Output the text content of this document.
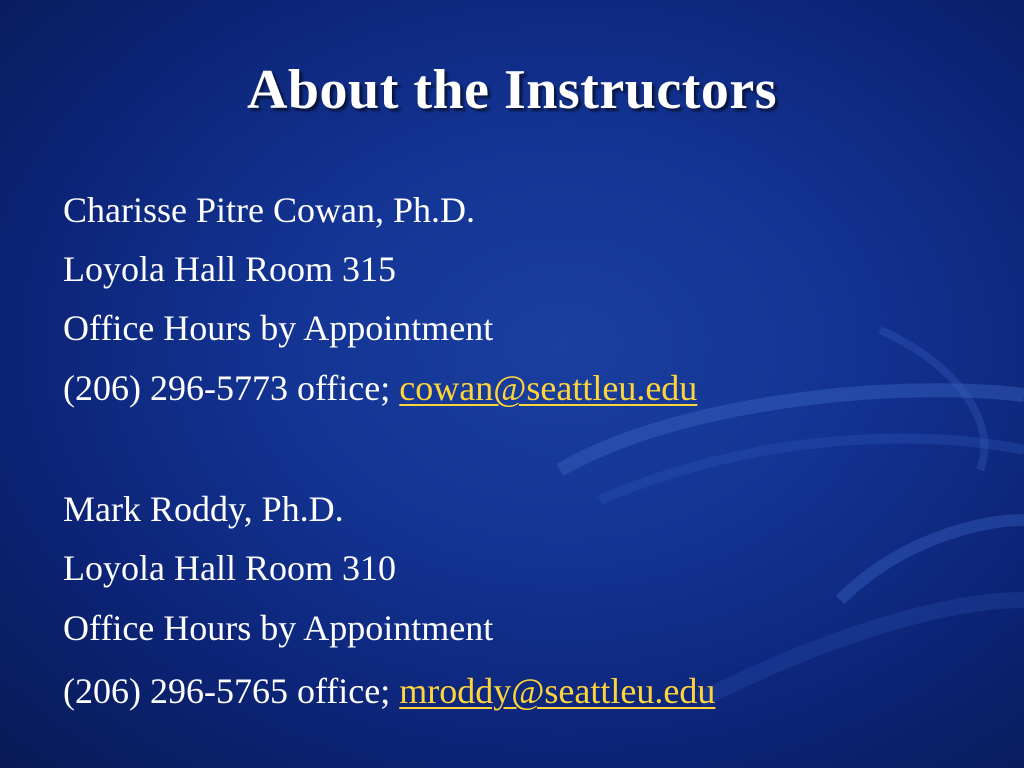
About the Instructors
Charisse Pitre Cowan, Ph.D.
Loyola Hall Room 315
Office Hours by Appointment
(206) 296-5773 office; cowan@seattleu.edu
Mark Roddy, Ph.D.
Loyola Hall Room 310
Office Hours by Appointment
(206) 296-5765 office; mroddy@seattleu.edu
